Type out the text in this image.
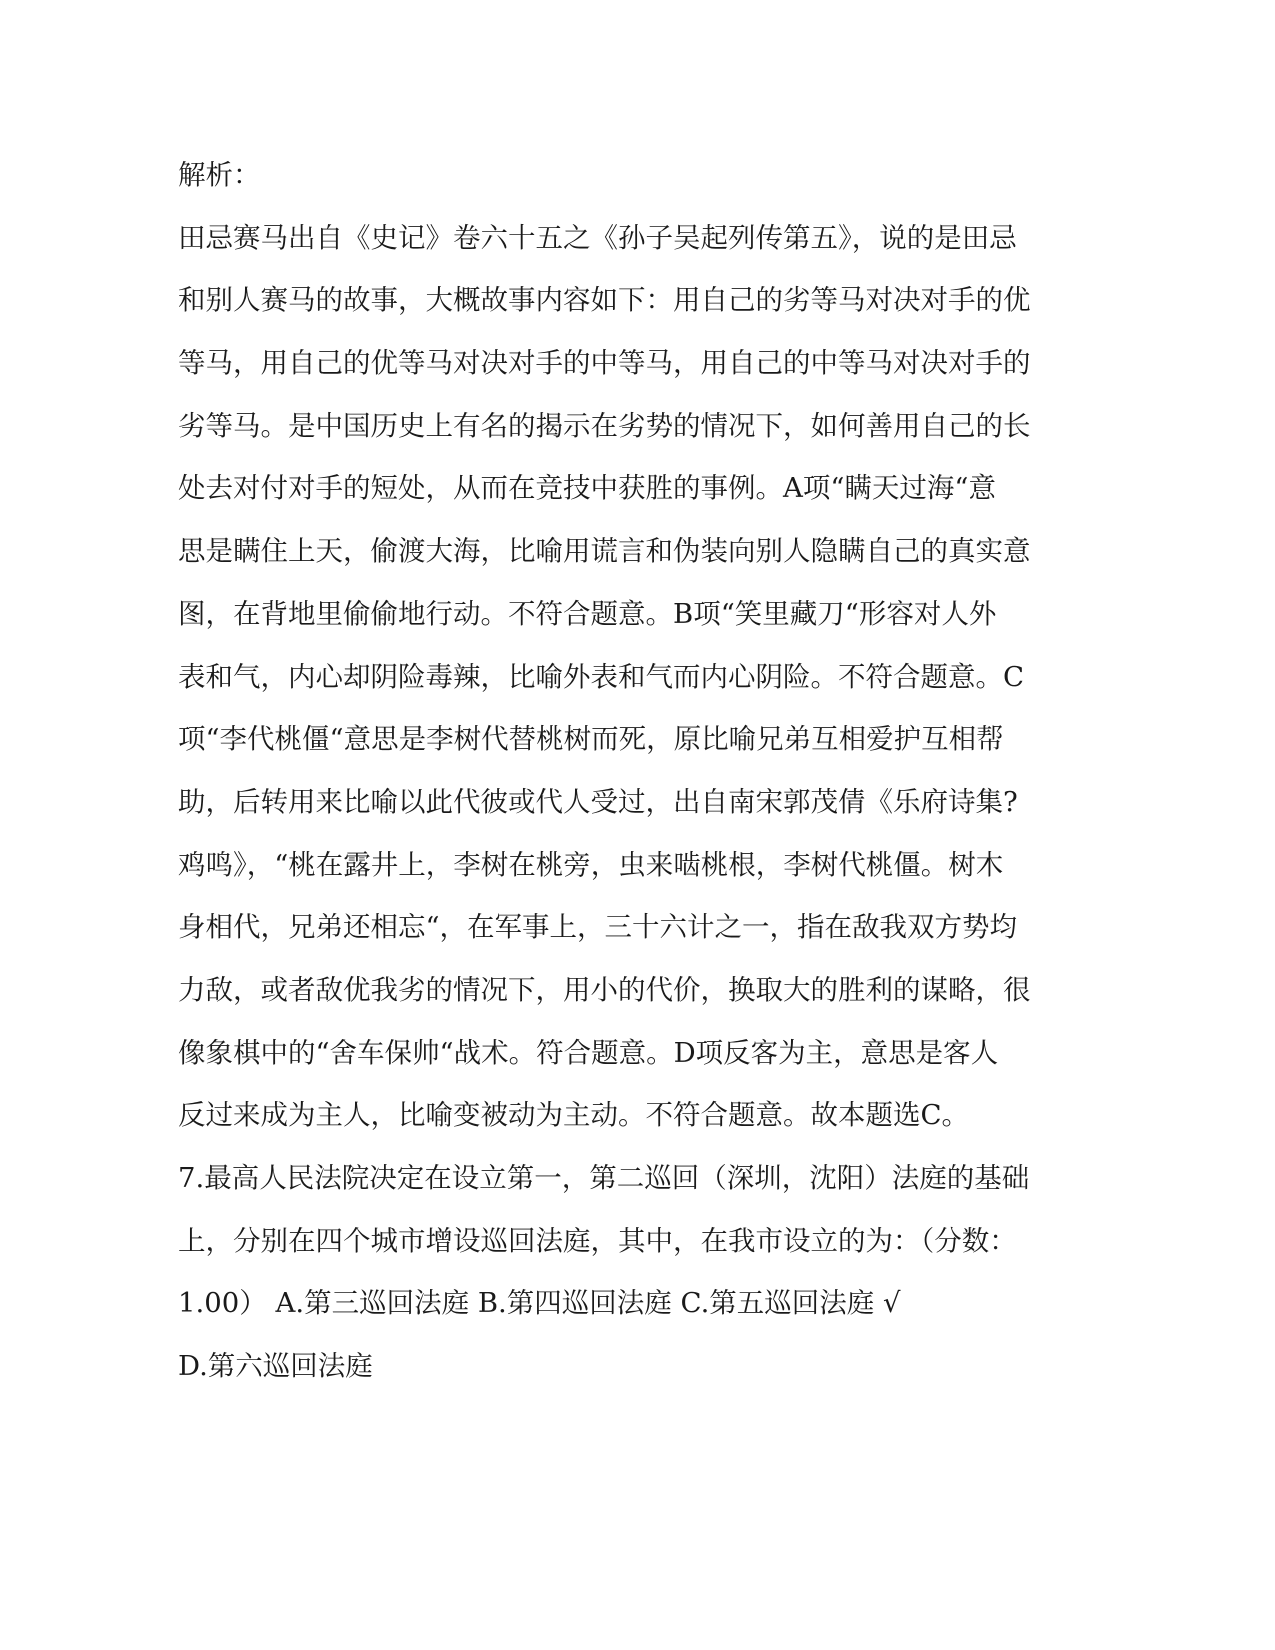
解析：
田忌赛马出自《史记》卷六十五之《孙子吴起列传第五》，说的是田忌
和别人赛马的故事，大概故事内容如下：用自己的劣等马对决对手的优
等马，用自己的优等马对决对手的中等马，用自己的中等马对决对手的
劣等马。是中国历史上有名的揭示在劣势的情况下，如何善用自己的长
处去对付对手的短处，从而在竞技中获胜的事例。A项“瞒天过海“意
思是瞒住上天，偷渡大海，比喻用谎言和伪装向别人隐瞒自己的真实意
图，在背地里偷偷地行动。不符合题意。B项“笑里藏刀“形容对人外
表和气，内心却阴险毒辣，比喻外表和气而内心阴险。不符合题意。C
项“李代桃僵“意思是李树代替桃树而死，原比喻兄弟互相爱护互相帮
助，后转用来比喻以此代彼或代人受过，出自南宋郭茂倩《乐府诗集?
鸡鸣》，“桃在露井上，李树在桃旁，虫来啮桃根，李树代桃僵。树木
身相代，兄弟还相忘“，在军事上，三十六计之一，指在敌我双方势均
力敌，或者敌优我劣的情况下，用小的代价，换取大的胜利的谋略，很
像象棋中的“舍车保帅“战术。符合题意。D项反客为主，意思是客人
反过来成为主人，比喻变被动为主动。不符合题意。故本题选C。
7.最高人民法院决定在设立第一，第二巡回（深圳，沈阳）法庭的基础
上，分别在四个城市增设巡回法庭，其中，在我市设立的为：（分数：
1.00） A.第三巡回法庭 B.第四巡回法庭 C.第五巡回法庭 √
D.第六巡回法庭
